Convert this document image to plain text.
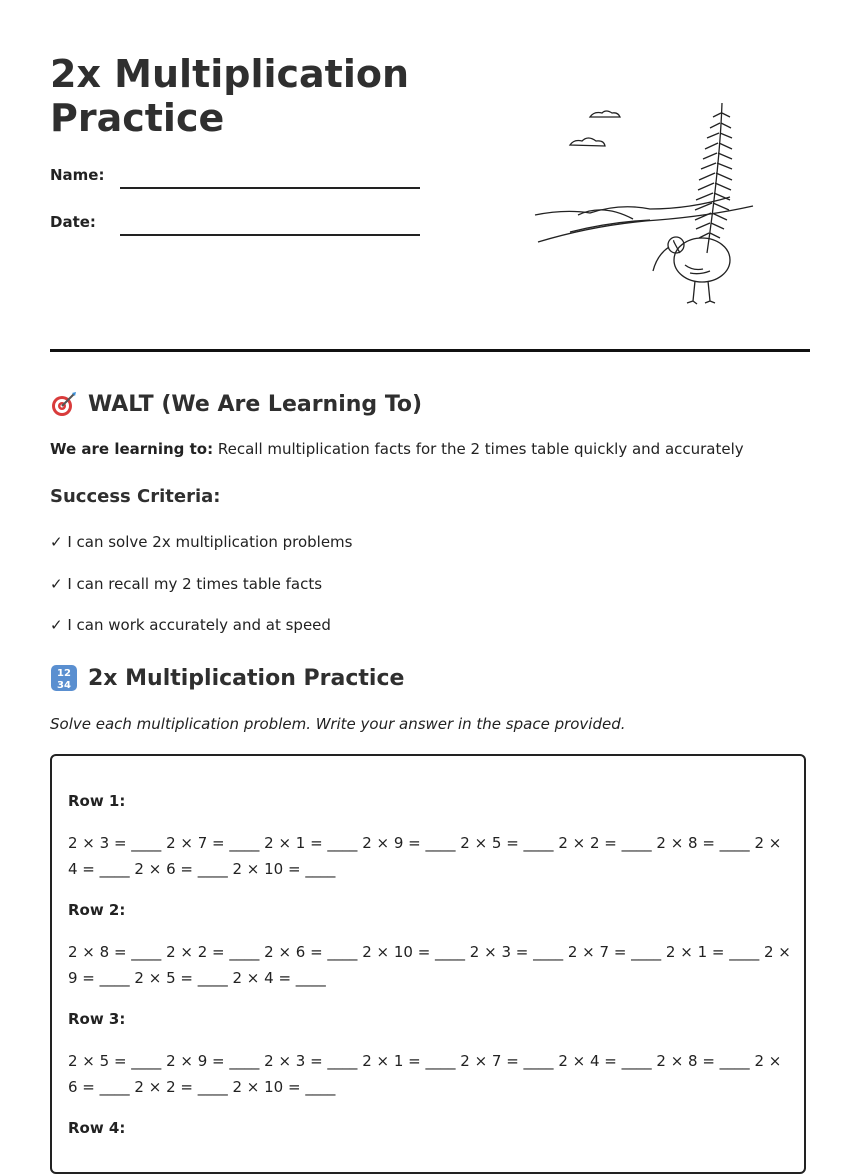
2x Multiplication Practice
Name:
Date:
WALT (We Are Learning To)
We are learning to: Recall multiplication facts for the 2 times table quickly and accurately
Success Criteria:
✓ I can solve 2x multiplication problems
✓ I can recall my 2 times table facts
✓ I can work accurately and at speed
12
34 2x Multiplication Practice
Solve each multiplication problem. Write your answer in the space provided.
Row 1:
2 × 3 = ____ 2 × 7 = ____ 2 × 1 = ____ 2 × 9 = ____ 2 × 5 = ____ 2 × 2 = ____ 2 × 8 = ____ 2 × 4 = ____ 2 × 6 = ____ 2 × 10 = ____
Row 2:
2 × 8 = ____ 2 × 2 = ____ 2 × 6 = ____ 2 × 10 = ____ 2 × 3 = ____ 2 × 7 = ____ 2 × 1 = ____ 2 × 9 = ____ 2 × 5 = ____ 2 × 4 = ____
Row 3:
2 × 5 = ____ 2 × 9 = ____ 2 × 3 = ____ 2 × 1 = ____ 2 × 7 = ____ 2 × 4 = ____ 2 × 8 = ____ 2 × 6 = ____ 2 × 2 = ____ 2 × 10 = ____
Row 4:
